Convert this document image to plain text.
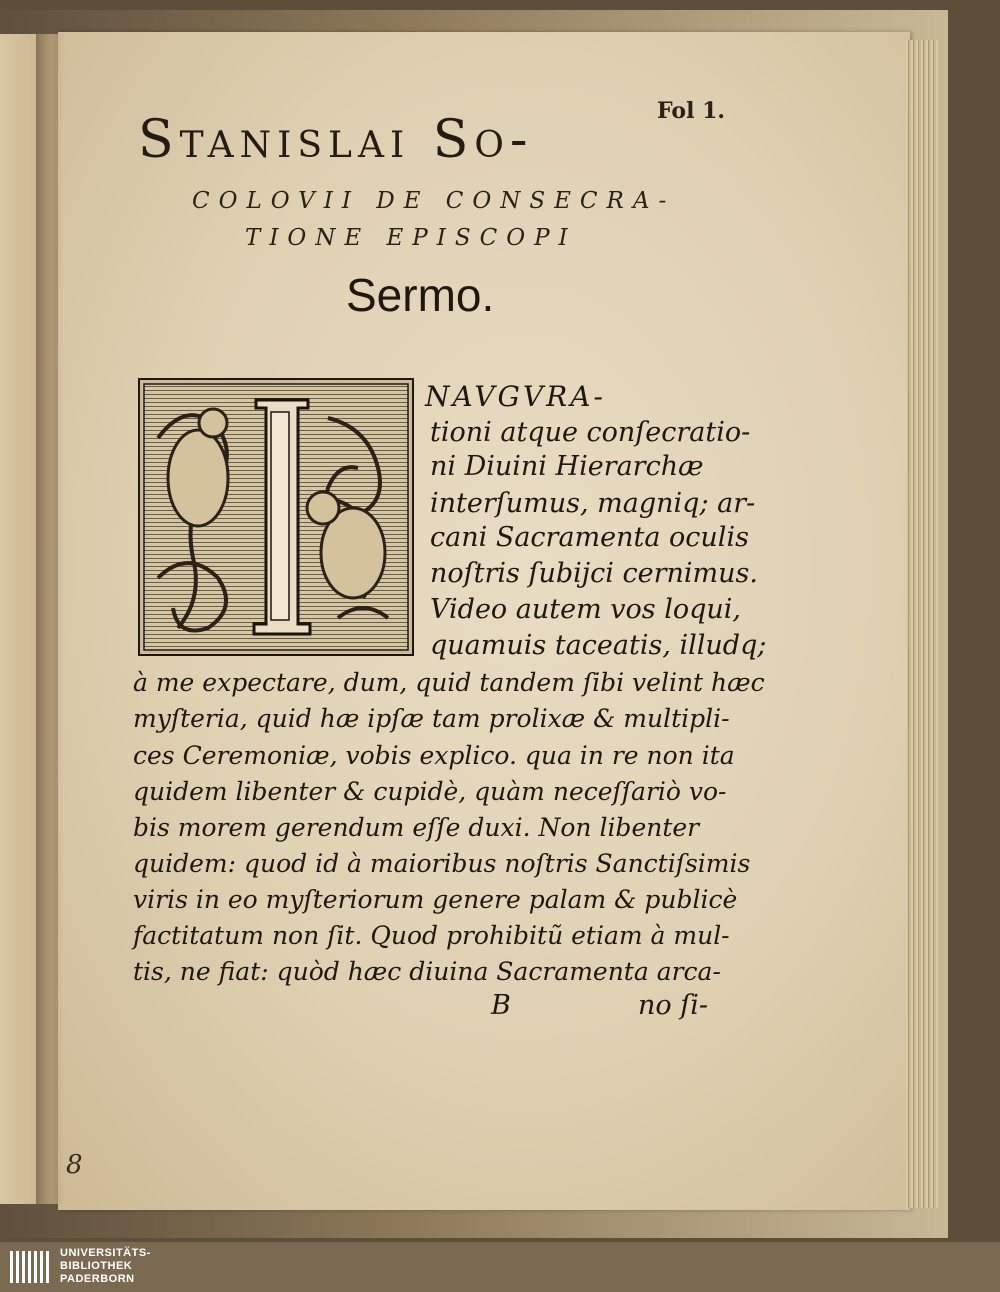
Fol 1.
Stanislai So-
COLOVII DE CONSECRA-
TIONE EPISCOPI
Sermo.
NAVGVRA-
tioni atque conſecratio-
ni Diuini Hierarchæ
interſumus, magniq; ar-
cani Sacramenta oculis
noſtris ſubijci cernimus.
Video autem vos loqui,
quamuis taceatis, illudq;
à me expectare, dum, quid tandem ſibi velint hæc
myſteria, quid hæ ipſæ tam prolixæ & multipli-
ces Ceremoniæ, vobis explico. qua in re non ita
quidem libenter & cupidè, quàm neceſſariò vo-
bis morem gerendum eſſe duxi. Non libenter
quidem: quod id à maioribus noſtris Sanctiſsimis
viris in eo myſteriorum genere palam & publicè
factitatum non ſit. Quod prohibitũ etiam à mul-
tis, ne fiat: quòd hæc diuina Sacramenta arca-
B	no ſi-
8
UNIVERSITÄTS-
BIBLIOTHEK
PADERBORN
